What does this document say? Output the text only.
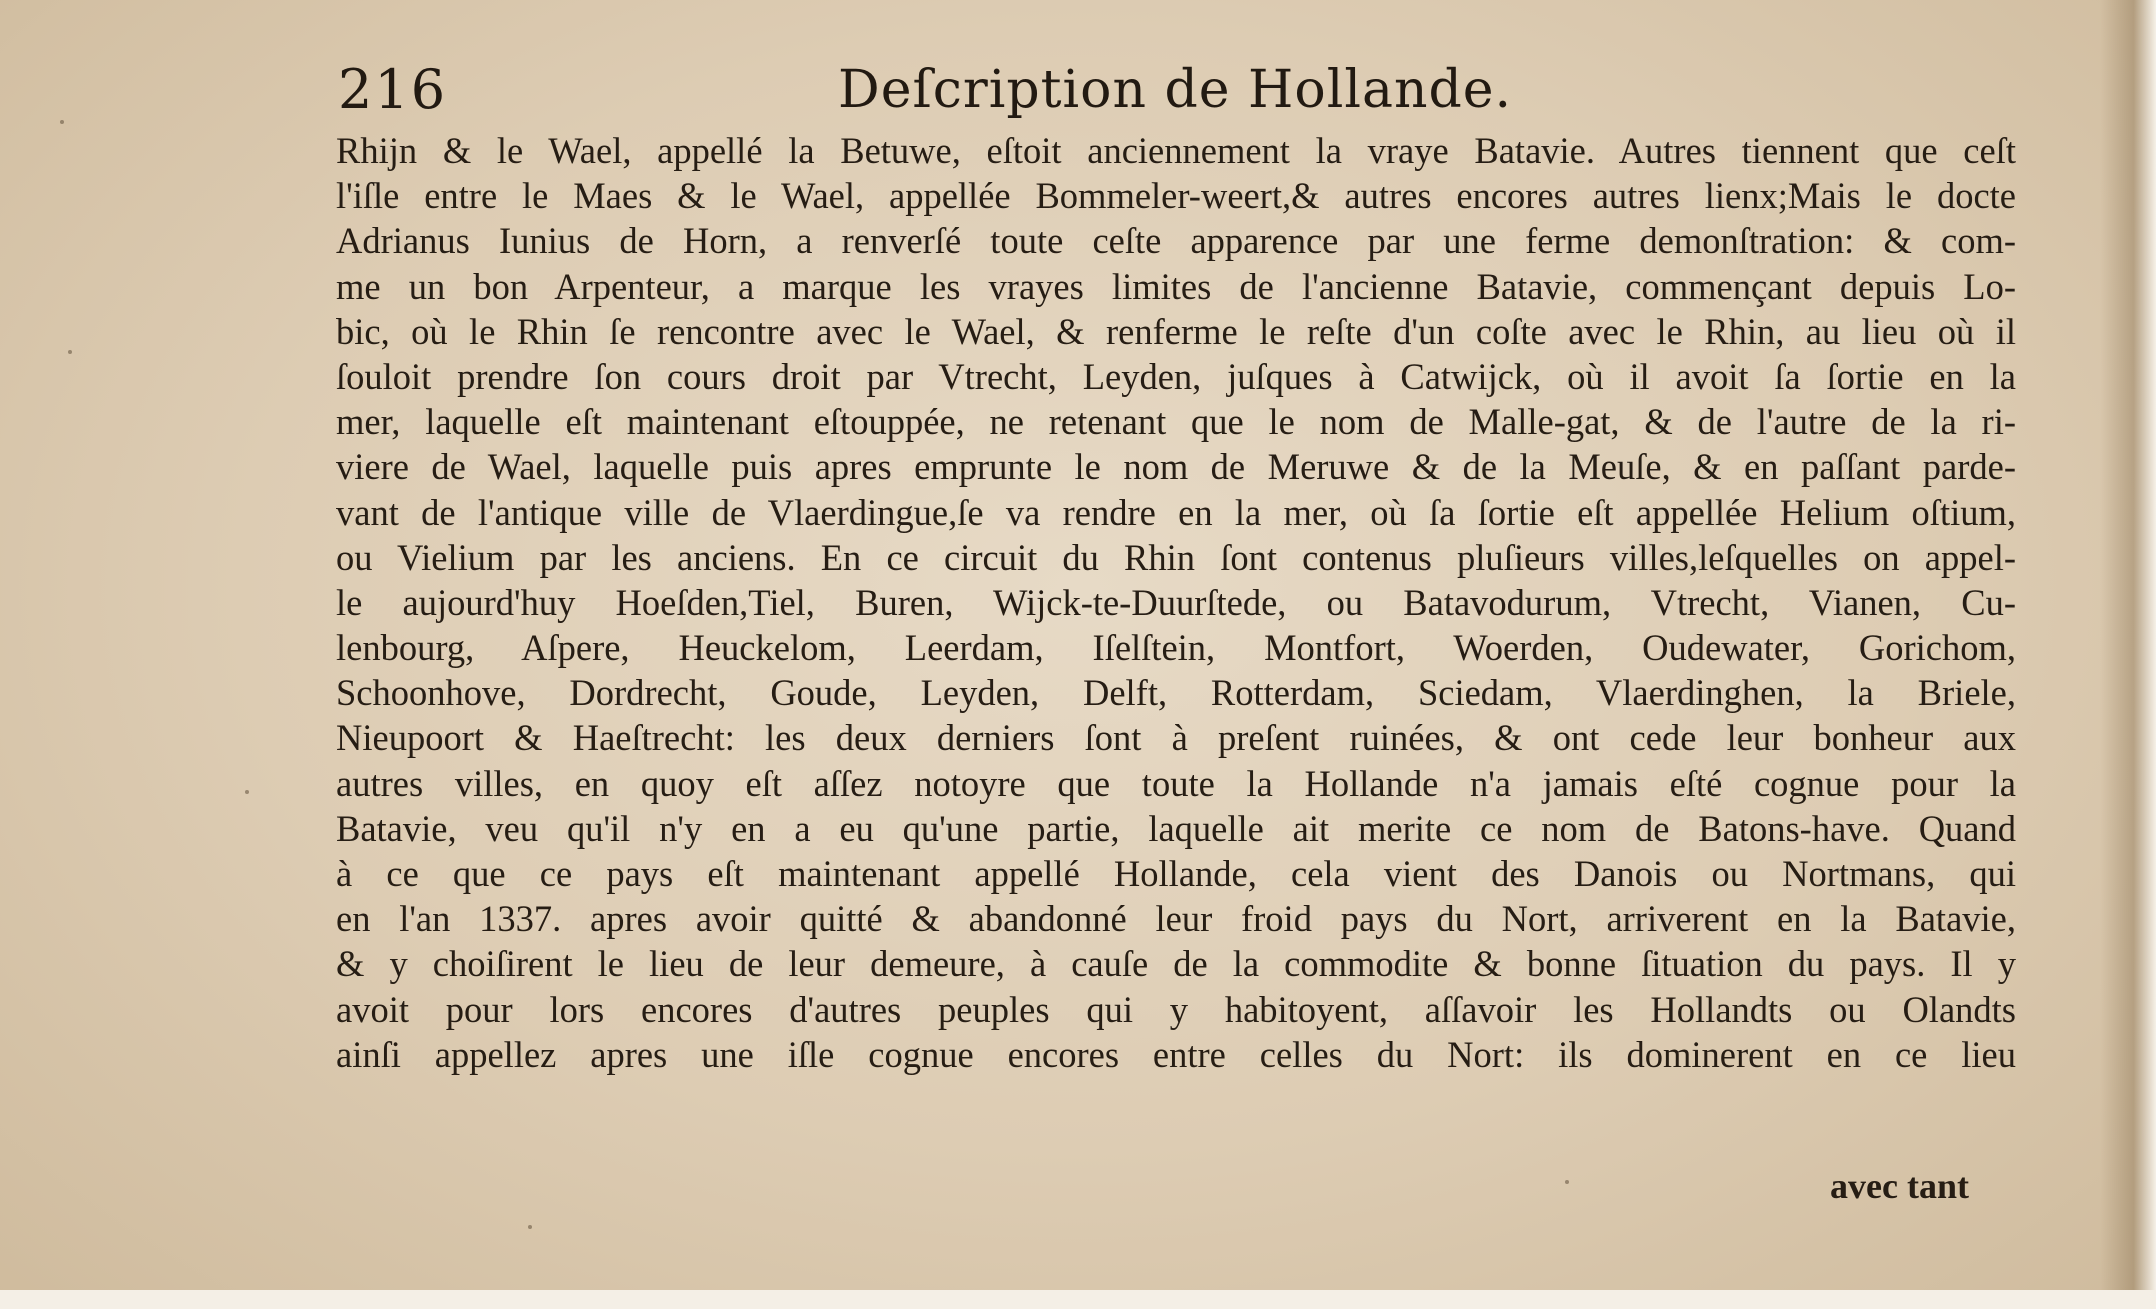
216	Deſcription de Hollande.
Rhijn & le Wael, appellé la Betuwe, eſtoit anciennement la vraye Batavie. Autres tiennent que ceſt
l'iſle entre le Maes & le Wael, appellée Bommeler-weert,& autres encores autres lienx;Mais le docte
Adrianus Iunius de Horn, a renverſé toute ceſte apparence par une ferme demonſtration: & com-
me un bon Arpenteur, a marque les vrayes limites de l'ancienne Batavie, commençant depuis Lo-
bic, où le Rhin ſe rencontre avec le Wael, & renferme le reſte d'un coſte avec le Rhin, au lieu où il
ſouloit prendre ſon cours droit par Vtrecht, Leyden, juſques à Catwijck, où il avoit ſa ſortie en la
mer, laquelle eſt maintenant eſtouppée, ne retenant que le nom de Malle-gat, & de l'autre de la ri-
viere de Wael, laquelle puis apres emprunte le nom de Meruwe & de la Meuſe, & en paſſant parde-
vant de l'antique ville de Vlaerdingue,ſe va rendre en la mer, où ſa ſortie eſt appellée Helium oſtium,
ou Vielium par les anciens. En ce circuit du Rhin ſont contenus pluſieurs villes,leſquelles on appel-
le aujourd'huy Hoeſden,Tiel, Buren, Wijck-te-Duurſtede, ou Batavodurum, Vtrecht, Vianen, Cu-
lenbourg, Aſpere, Heuckelom, Leerdam, Iſelſtein, Montfort, Woerden, Oudewater, Gorichom,
Schoonhove, Dordrecht, Goude, Leyden, Delft, Rotterdam, Sciedam, Vlaerdinghen, la Briele,
Nieupoort & Haeſtrecht: les deux derniers ſont à preſent ruinées, & ont cede leur bonheur aux
autres villes, en quoy eſt aſſez notoyre que toute la Hollande n'a jamais eſté cognue pour la
Batavie, veu qu'il n'y en a eu qu'une partie, laquelle ait merite ce nom de Batons-have. Quand
à ce que ce pays eſt maintenant appellé Hollande, cela vient des Danois ou Nortmans, qui
en l'an 1337. apres avoir quitté & abandonné leur froid pays du Nort, arriverent en la Batavie,
& y choiſirent le lieu de leur demeure, à cauſe de la commodite & bonne ſituation du pays. Il y
avoit pour lors encores d'autres peuples qui y habitoyent, aſſavoir les Hollandts ou Olandts
ainſi appellez apres une iſle cognue encores entre celles du Nort: ils dominerent en ce lieu
avec tant
